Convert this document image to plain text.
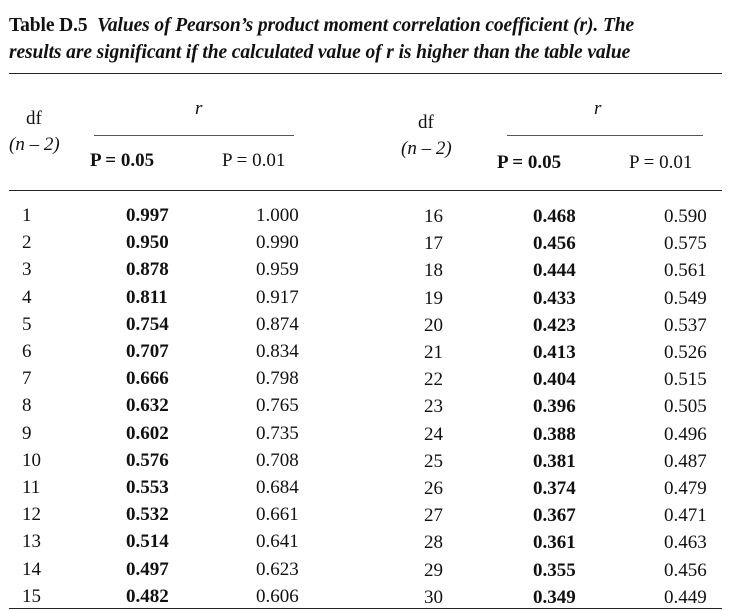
Table D.5 Values of Pearson’s product moment correlation coefficient (r). The
results are significant if the calculated value of r is higher than the table value
df
(n – 2)
r
P = 0.05	P = 0.01
df
(n – 2)
r
P = 0.05	P = 0.01
1
2
3
4
5
6
7
8
9
10
11
12
13
14
15
0.997
0.950
0.878
0.811
0.754
0.707
0.666
0.632
0.602
0.576
0.553
0.532
0.514
0.497
0.482
1.000
0.990
0.959
0.917
0.874
0.834
0.798
0.765
0.735
0.708
0.684
0.661
0.641
0.623
0.606
16
17
18
19
20
21
22
23
24
25
26
27
28
29
30
0.468
0.456
0.444
0.433
0.423
0.413
0.404
0.396
0.388
0.381
0.374
0.367
0.361
0.355
0.349
0.590
0.575
0.561
0.549
0.537
0.526
0.515
0.505
0.496
0.487
0.479
0.471
0.463
0.456
0.449
